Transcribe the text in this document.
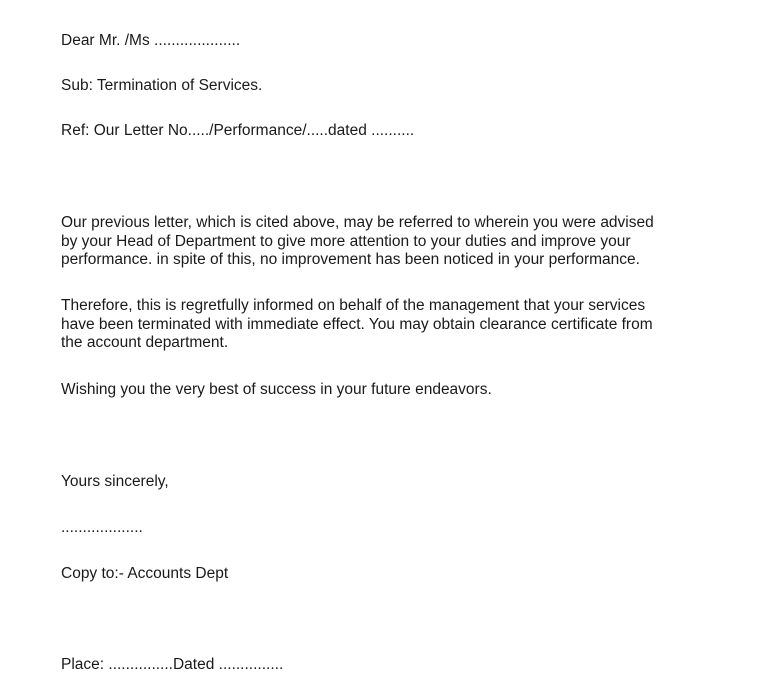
Dear Mr. /Ms ....................
Sub: Termination of Services.
Ref: Our Letter No...../Performance/.....dated ..........
Our previous letter, which is cited above, may be referred to wherein you were advised
by your Head of Department to give more attention to your duties and improve your
performance. in spite of this, no improvement has been noticed in your performance.
Therefore, this is regretfully informed on behalf of the management that your services
have been terminated with immediate effect. You may obtain clearance certificate from
the account department.
Wishing you the very best of success in your future endeavors.
Yours sincerely,
...................
Copy to:- Accounts Dept
Place: ...............Dated ...............
